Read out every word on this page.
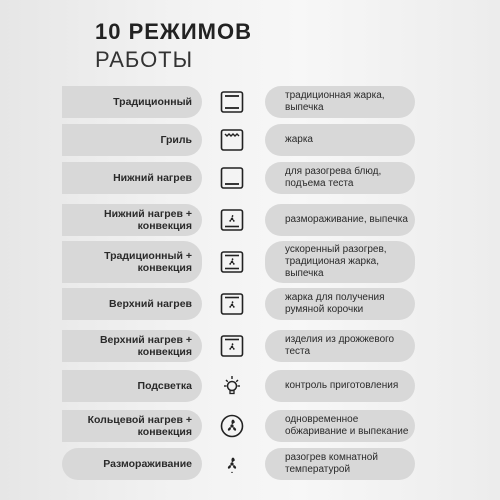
10 РЕЖИМОВ
РАБОТЫ
Традиционный
традиционная жарка, выпечка
Гриль	жарка
Нижний нагрев
для разогрева блюд, подъема теста
Нижний нагрев + конвекция
размораживание, выпечка
Традиционный + конвекция
ускоренный разогрев, традиционая жарка, выпечка
Верхний нагрев
жарка для получения румяной корочки
Верхний нагрев + конвекция
изделия из дрожжевого теста
Подсветка	контроль приготовления
Кольцевой нагрев + конвекция
одновременное обжаривание и выпекание
Размораживание
разогрев комнатной температурой
